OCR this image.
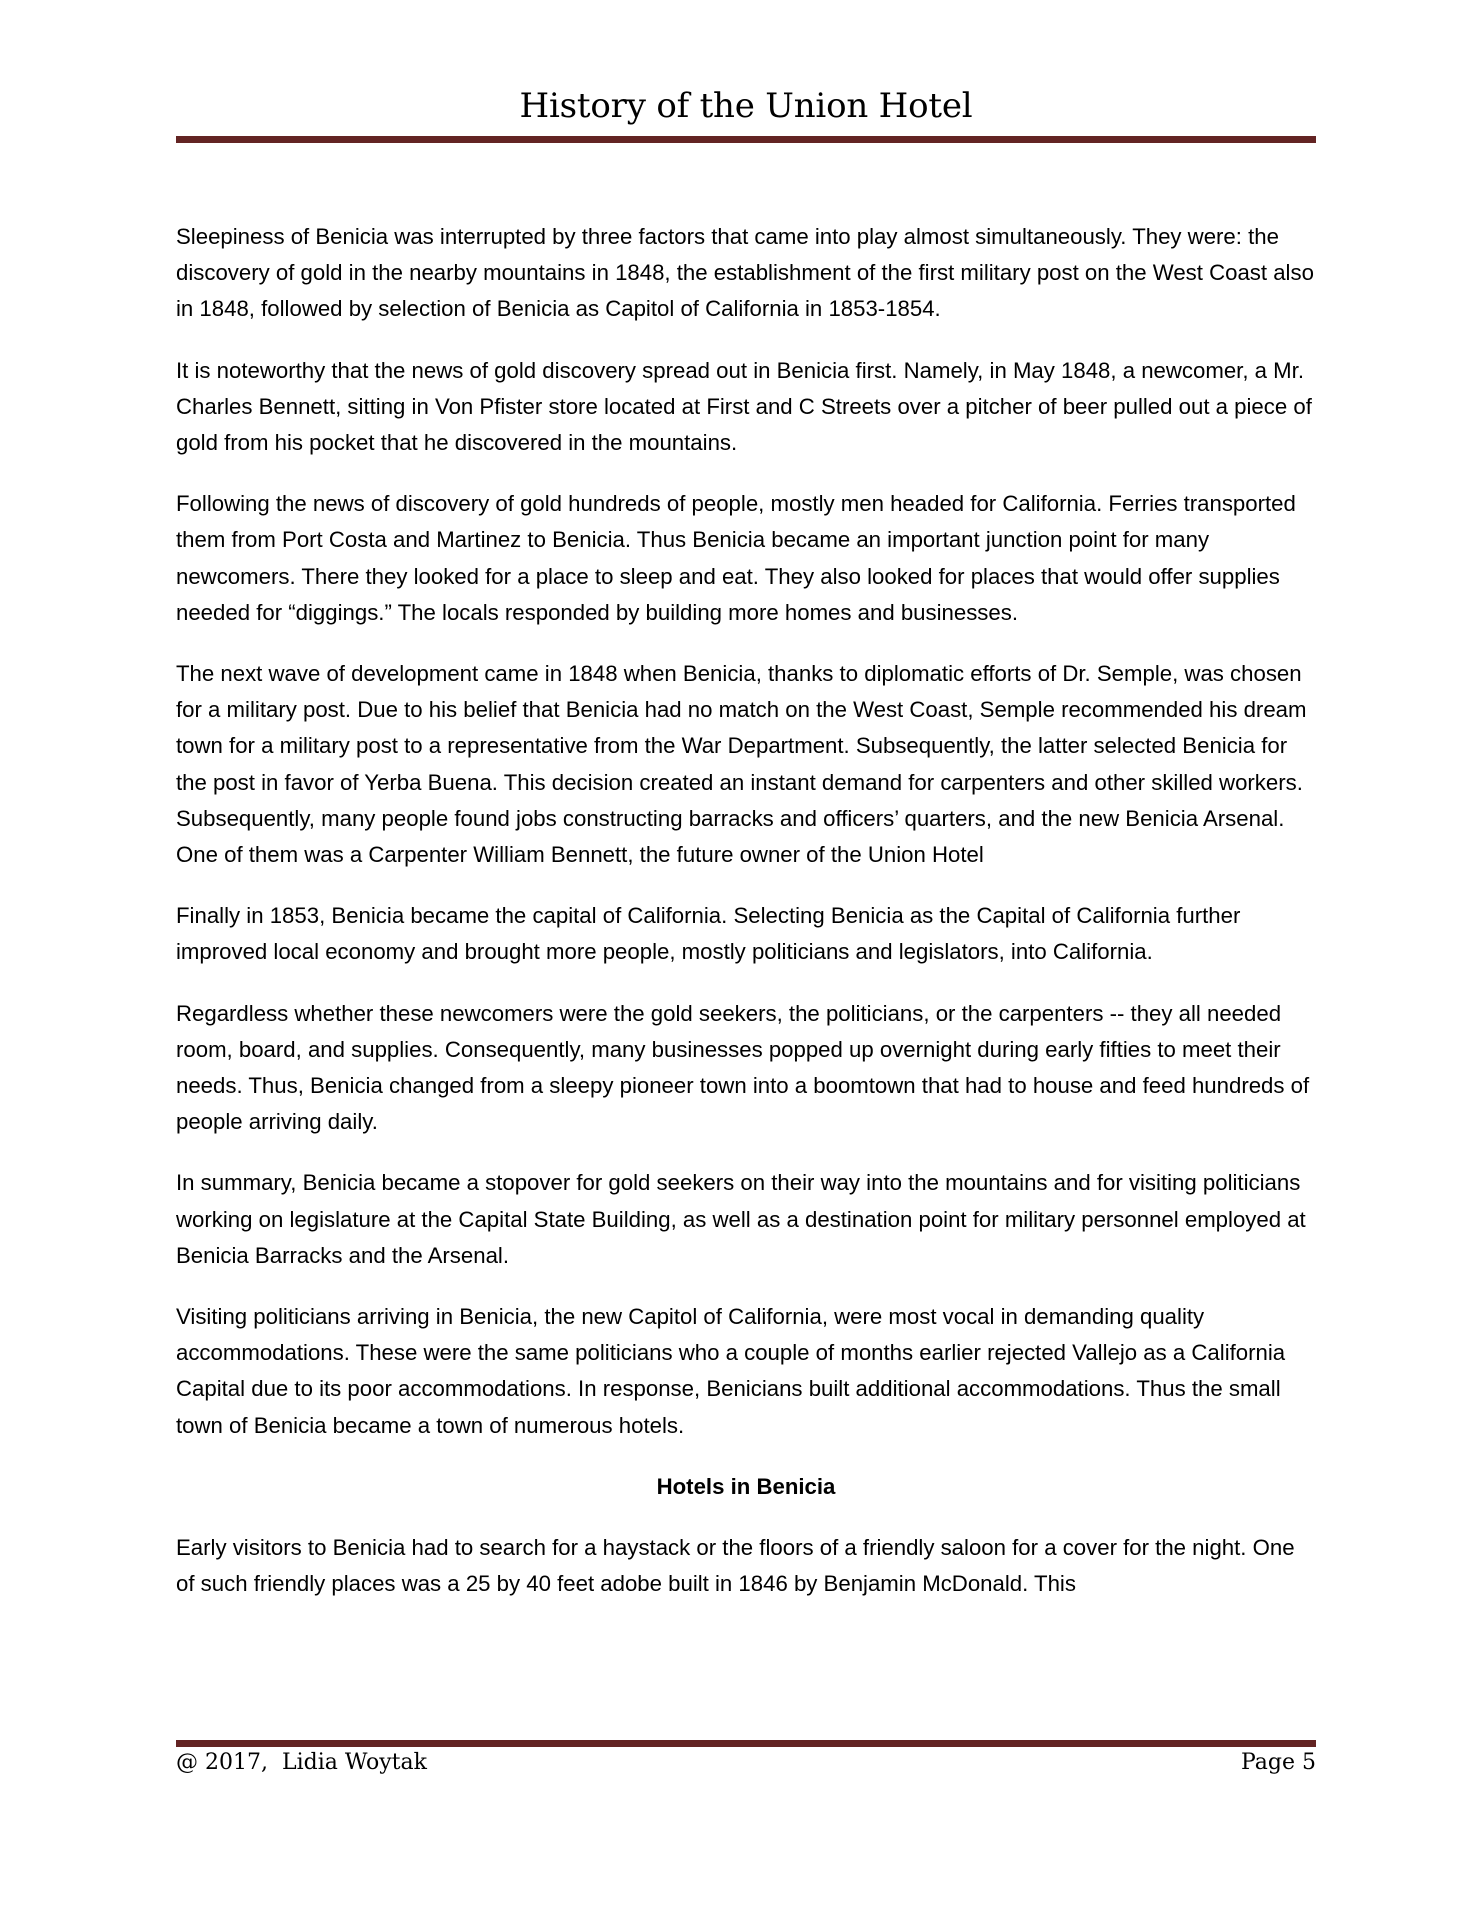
History of the Union Hotel

Sleepiness of Benicia was interrupted by three factors that came into play almost simultaneously. They were: the discovery of gold in the nearby mountains in 1848, the establishment of the first military post on the West Coast also in 1848, followed by selection of Benicia as Capitol of California in 1853-1854.

It is noteworthy that the news of gold discovery spread out in Benicia first. Namely, in May 1848, a newcomer, a Mr. Charles Bennett, sitting in Von Pfister store located at First and C Streets over a pitcher of beer pulled out a piece of gold from his pocket that he discovered in the mountains.

Following the news of discovery of gold hundreds of people, mostly men headed for California. Ferries transported them from Port Costa and Martinez to Benicia. Thus Benicia became an important junction point for many newcomers. There they looked for a place to sleep and eat. They also looked for places that would offer supplies needed for “diggings.” The locals responded by building more homes and businesses.

The next wave of development came in 1848 when Benicia, thanks to diplomatic efforts of Dr. Semple, was chosen for a military post. Due to his belief that Benicia had no match on the West Coast, Semple recommended his dream town for a military post to a representative from the War Department. Subsequently, the latter selected Benicia for the post in favor of Yerba Buena. This decision created an instant demand for carpenters and other skilled workers. Subsequently, many people found jobs constructing barracks and officers’ quarters, and the new Benicia Arsenal. One of them was a Carpenter William Bennett, the future owner of the Union Hotel

Finally in 1853, Benicia became the capital of California. Selecting Benicia as the Capital of California further improved local economy and brought more people, mostly politicians and legislators, into California.

Regardless whether these newcomers were the gold seekers, the politicians, or the carpenters -- they all needed room, board, and supplies. Consequently, many businesses popped up overnight during early fifties to meet their needs. Thus, Benicia changed from a sleepy pioneer town into a boomtown that had to house and feed hundreds of people arriving daily.

In summary, Benicia became a stopover for gold seekers on their way into the mountains and for visiting politicians working on legislature at the Capital State Building, as well as a destination point for military personnel employed at Benicia Barracks and the Arsenal.

Visiting politicians arriving in Benicia, the new Capitol of California, were most vocal in demanding quality accommodations. These were the same politicians who a couple of months earlier rejected Vallejo as a California Capital due to its poor accommodations. In response, Benicians built additional accommodations. Thus the small town of Benicia became a town of numerous hotels.

Hotels in Benicia

Early visitors to Benicia had to search for a haystack or the floors of a friendly saloon for a cover for the night. One of such friendly places was a 25 by 40 feet adobe built in 1846 by Benjamin McDonald. This

@ 2017,  Lidia Woytak	Page 5
